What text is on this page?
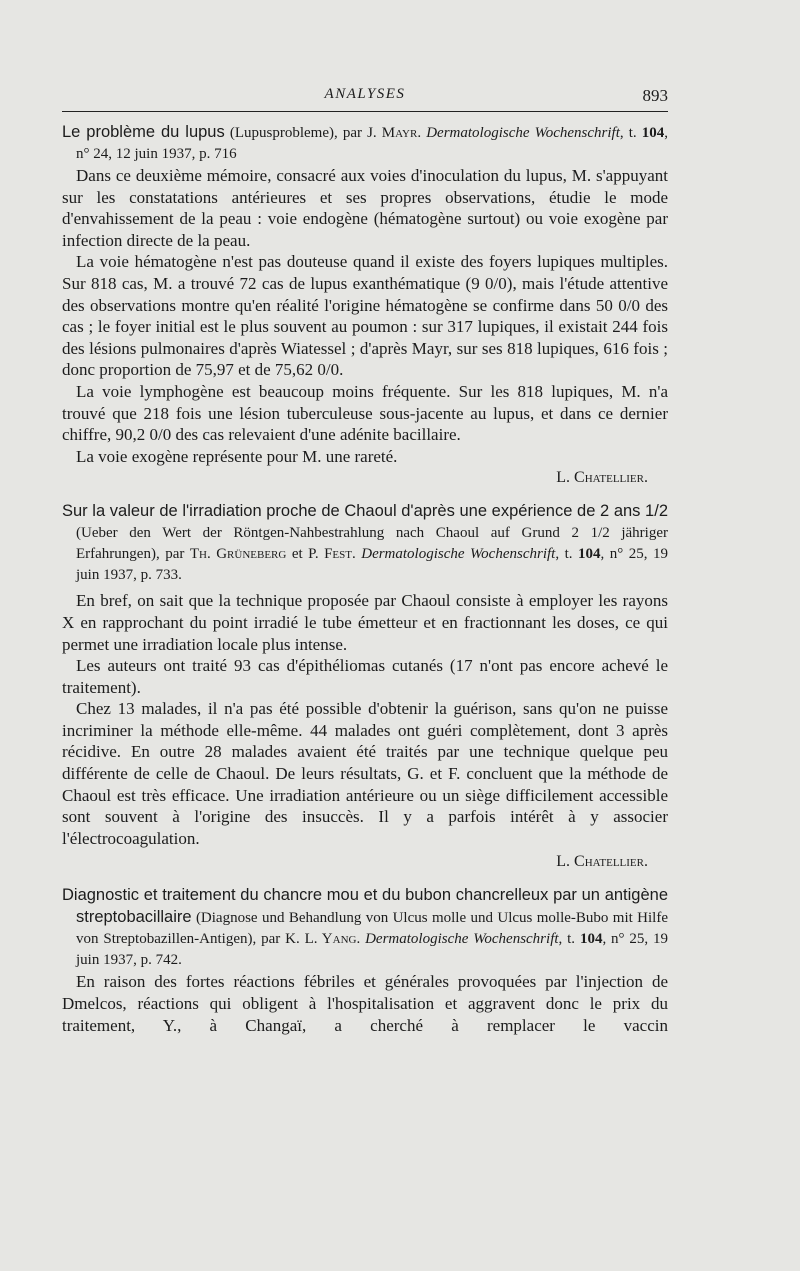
ANALYSES	893
Le problème du lupus (Lupusprobleme), par J. Mayr. Dermatologische Wochenschrift, t. 104, n° 24, 12 juin 1937, p. 716

Dans ce deuxième mémoire, consacré aux voies d'inoculation du lupus, M. s'appuyant sur les constatations antérieures et ses propres observations, étudie le mode d'envahissement de la peau : voie endogène (hématogène surtout) ou voie exogène par infection directe de la peau.

La voie hématogène n'est pas douteuse quand il existe des foyers lupiques multiples. Sur 818 cas, M. a trouvé 72 cas de lupus exanthématique (9 0/0), mais l'étude attentive des observations montre qu'en réalité l'origine hématogène se confirme dans 50 0/0 des cas ; le foyer initial est le plus souvent au poumon : sur 317 lupiques, il existait 244 fois des lésions pulmonaires d'après Wiatessel ; d'après Mayr, sur ses 818 lupiques, 616 fois ; donc proportion de 75,97 et de 75,62 0/0.

La voie lymphogène est beaucoup moins fréquente. Sur les 818 lupiques, M. n'a trouvé que 218 fois une lésion tuberculeuse sous-jacente au lupus, et dans ce dernier chiffre, 90,2 0/0 des cas relevaient d'une adénite bacillaire.

La voie exogène représente pour M. une rareté.

L. Chatellier.
Sur la valeur de l'irradiation proche de Chaoul d'après une expérience de 2 ans 1/2 (Ueber den Wert der Röntgen-Nahbestrahlung nach Chaoul auf Grund 2 1/2 jähriger Erfahrungen), par Th. Grüneberg et P. Fest. Dermatologische Wochenschrift, t. 104, n° 25, 19 juin 1937, p. 733.

En bref, on sait que la technique proposée par Chaoul consiste à employer les rayons X en rapprochant du point irradié le tube émetteur et en fractionnant les doses, ce qui permet une irradiation locale plus intense.

Les auteurs ont traité 93 cas d'épithéliomas cutanés (17 n'ont pas encore achevé le traitement).

Chez 13 malades, il n'a pas été possible d'obtenir la guérison, sans qu'on ne puisse incriminer la méthode elle-même. 44 malades ont guéri complètement, dont 3 après récidive. En outre 28 malades avaient été traités par une technique quelque peu différente de celle de Chaoul. De leurs résultats, G. et F. concluent que la méthode de Chaoul est très efficace. Une irradiation antérieure ou un siège difficilement accessible sont souvent à l'origine des insuccès. Il y a parfois intérêt à y associer l'électrocoagulation.

L. Chatellier.
Diagnostic et traitement du chancre mou et du bubon chancrelleux par un antigène streptobacillaire (Diagnose und Behandlung von Ulcus molle und Ulcus molle-Bubo mit Hilfe von Streptobazillen-Antigen), par K. L. Yang. Dermatologische Wochenschrift, t. 104, n° 25, 19 juin 1937, p. 742.

En raison des fortes réactions fébriles et générales provoquées par l'injection de Dmelcos, réactions qui obligent à l'hospitalisation et aggravent donc le prix du traitement, Y., à Changaï, a cherché à remplacer le vaccin
